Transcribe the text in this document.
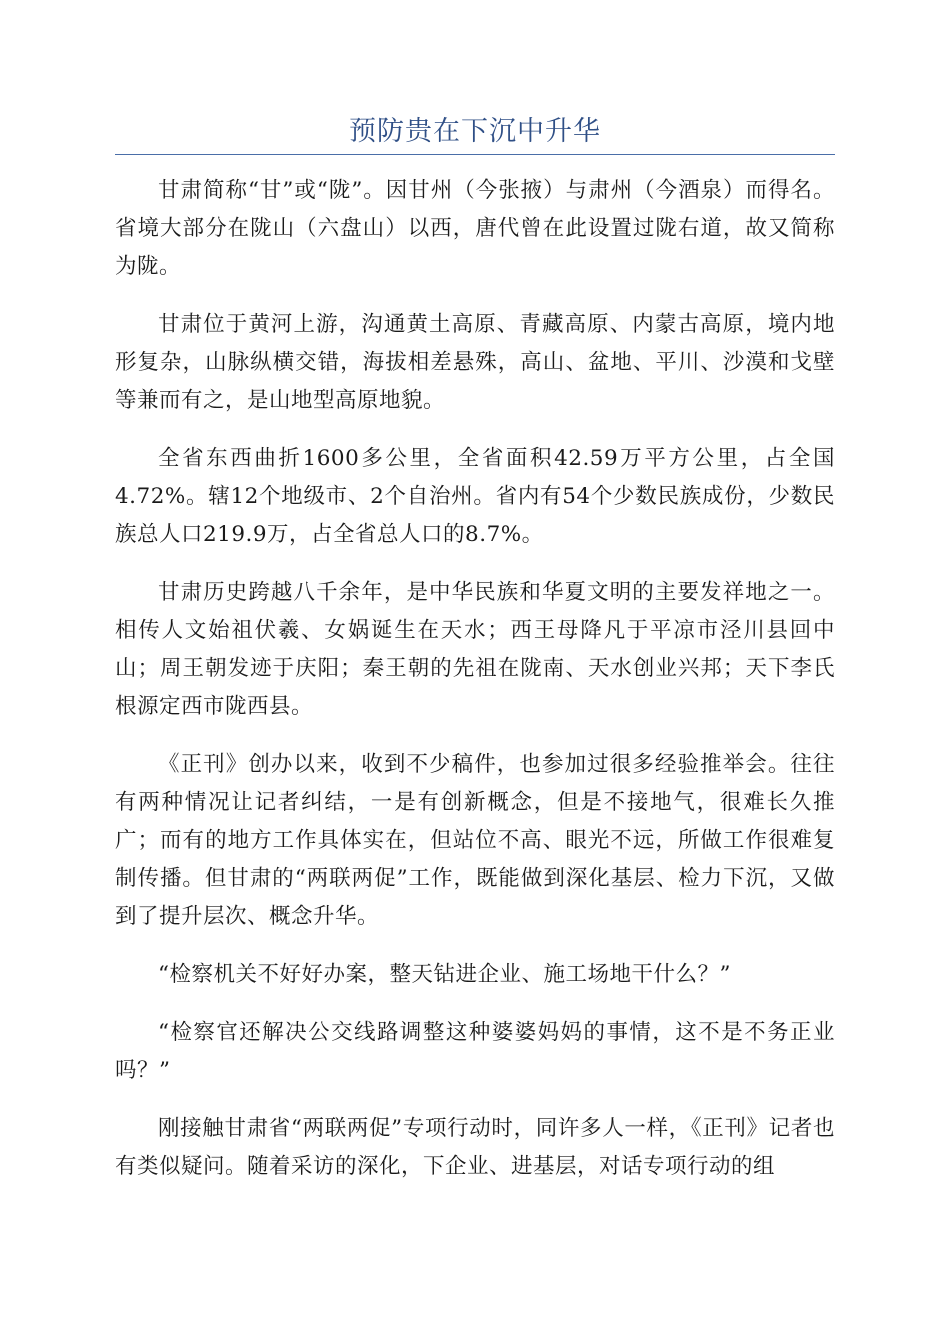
预防贵在下沉中升华

甘肃简称“甘”或“陇”。因甘州（今张掖）与肃州（今酒泉）而得名。省境大部分在陇山（六盘山）以西，唐代曾在此设置过陇右道，故又简称为陇。

甘肃位于黄河上游，沟通黄土高原、青藏高原、内蒙古高原，境内地形复杂，山脉纵横交错，海拔相差悬殊，高山、盆地、平川、沙漠和戈壁等兼而有之，是山地型高原地貌。

全省东西曲折1600多公里，全省面积42.59万平方公里，占全国4.72%。辖12个地级市、2个自治州。省内有54个少数民族成份，少数民族总人口219.9万，占全省总人口的8.7%。

甘肃历史跨越八千余年，是中华民族和华夏文明的主要发祥地之一。相传人文始祖伏羲、女娲诞生在天水；西王母降凡于平凉市泾川县回中山；周王朝发迹于庆阳；秦王朝的先祖在陇南、天水创业兴邦；天下李氏根源定西市陇西县。

《正刊》创办以来，收到不少稿件，也参加过很多经验推举会。往往有两种情况让记者纠结，一是有创新概念，但是不接地气，很难长久推广；而有的地方工作具体实在，但站位不高、眼光不远，所做工作很难复制传播。但甘肃的“两联两促”工作，既能做到深化基层、检力下沉，又做到了提升层次、概念升华。

“检察机关不好好办案，整天钻进企业、施工场地干什么？”

“检察官还解决公交线路调整这种婆婆妈妈的事情，这不是不务正业吗？”

刚接触甘肃省“两联两促”专项行动时，同许多人一样，《正刊》记者也有类似疑问。随着采访的深化，下企业、进基层，对话专项行动的组
